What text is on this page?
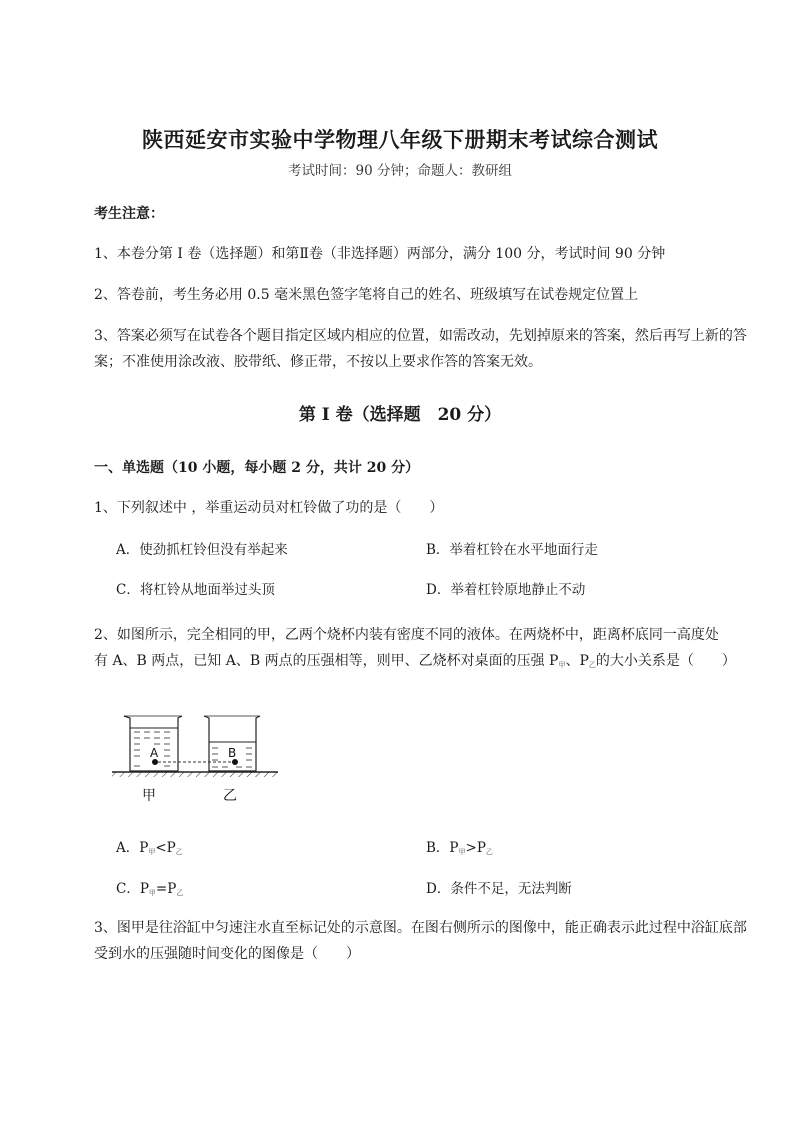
陕西延安市实验中学物理八年级下册期末考试综合测试
考试时间：90 分钟；命题人：教研组
考生注意：
1、本卷分第 I 卷（选择题）和第Ⅱ卷（非选择题）两部分，满分 100 分，考试时间 90 分钟
2、答卷前，考生务必用 0.5 毫米黑色签字笔将自己的姓名、班级填写在试卷规定位置上
3、答案必须写在试卷各个题目指定区域内相应的位置，如需改动，先划掉原来的答案，然后再写上新的答案；不准使用涂改液、胶带纸、修正带，不按以上要求作答的答案无效。
第 I 卷（选择题　20 分）
一、单选题（10 小题，每小题 2 分，共计 20 分）
1、下列叙述中 ，举重运动员对杠铃做了功的是（　　）
A．使劲抓杠铃但没有举起来	B．举着杠铃在水平地面行走
C．将杠铃从地面举过头顶	D．举着杠铃原地静止不动
2、如图所示，完全相同的甲，乙两个烧杯内装有密度不同的液体。在两烧杯中，距离杯底同一高度处
有 A、B 两点，已知 A、B 两点的压强相等，则甲、乙烧杯对桌面的压强 $P_甲$、$P_乙$的大小关系是（　　）
A	B
甲	乙
A．$P_甲<P_乙$	B．$P_甲>P_乙$
C．$P_甲=P_乙$	D．条件不足，无法判断
3、图甲是往浴缸中匀速注水直至标记处的示意图。在图右侧所示的图像中，能正确表示此过程中浴缸底部受到水的压强随时间变化的图像是（　　）
